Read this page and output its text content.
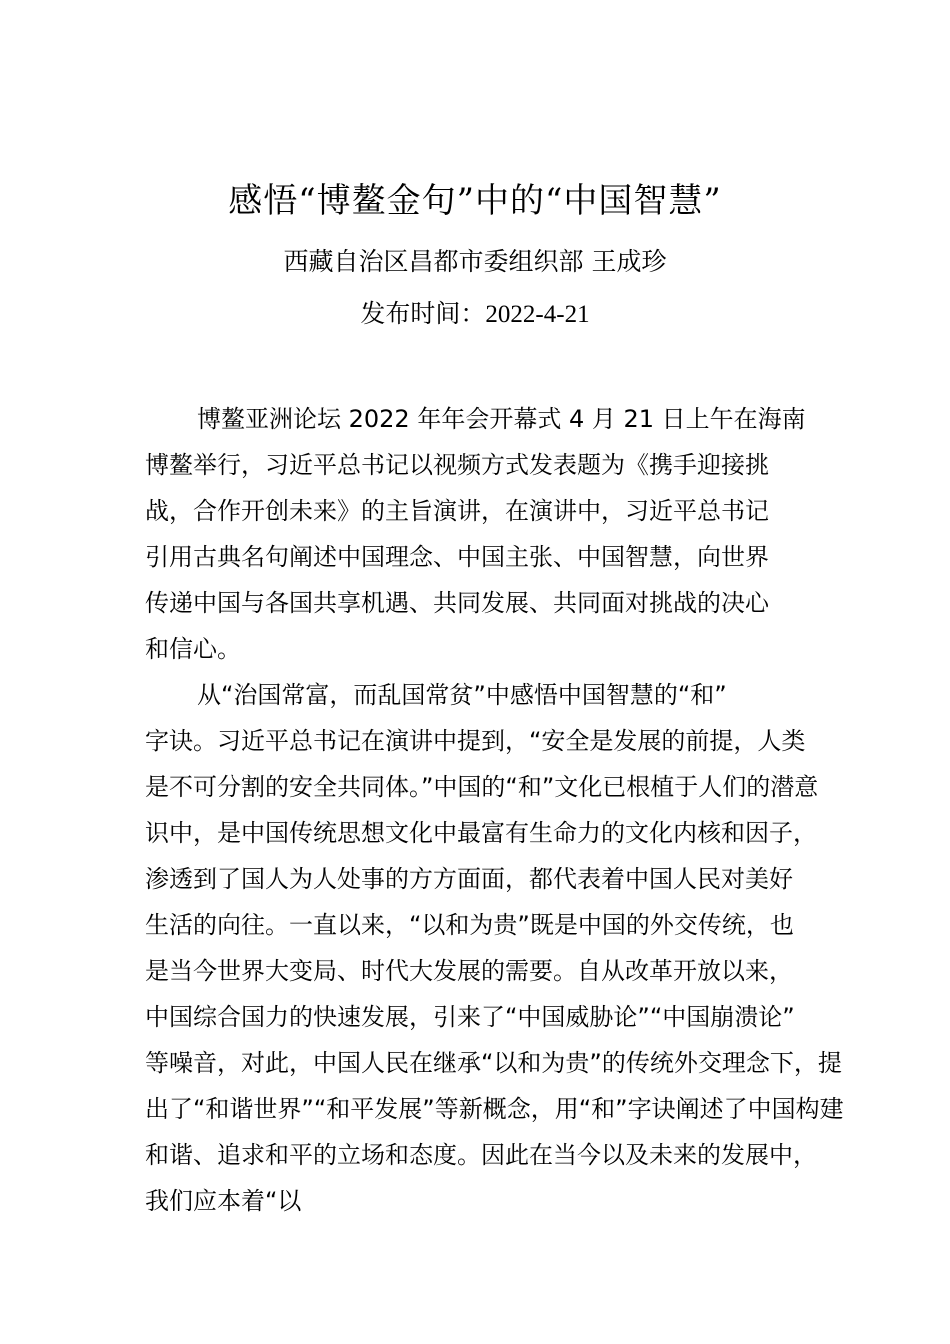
感悟“博鳌金句”中的“中国智慧”
西藏自治区昌都市委组织部 王成珍
发布时间：2022-4-21
博鳌亚洲论坛 2022 年年会开幕式 4 月 21 日上午在海南
博鳌举行，习近平总书记以视频方式发表题为《携手迎接挑
战，合作开创未来》的主旨演讲，在演讲中，习近平总书记
引用古典名句阐述中国理念、中国主张、中国智慧，向世界
传递中国与各国共享机遇、共同发展、共同面对挑战的决心
和信心。
从“治国常富，而乱国常贫”中感悟中国智慧的“和”
字诀。习近平总书记在演讲中提到，“安全是发展的前提，人类
是不可分割的安全共同体。”中国的“和”文化已根植于人们的潜意
识中，是中国传统思想文化中最富有生命力的文化内核和因子，
渗透到了国人为人处事的方方面面，都代表着中国人民对美好
生活的向往。一直以来，“以和为贵”既是中国的外交传统，也
是当今世界大变局、时代大发展的需要。自从改革开放以来，
中国综合国力的快速发展，引来了“中国威胁论”“中国崩溃论”
等噪音，对此，中国人民在继承“以和为贵”的传统外交理念下，提
出了“和谐世界”“和平发展”等新概念，用“和”字诀阐述了中国构建
和谐、追求和平的立场和态度。因此在当今以及未来的发展中，
我们应本着“以
